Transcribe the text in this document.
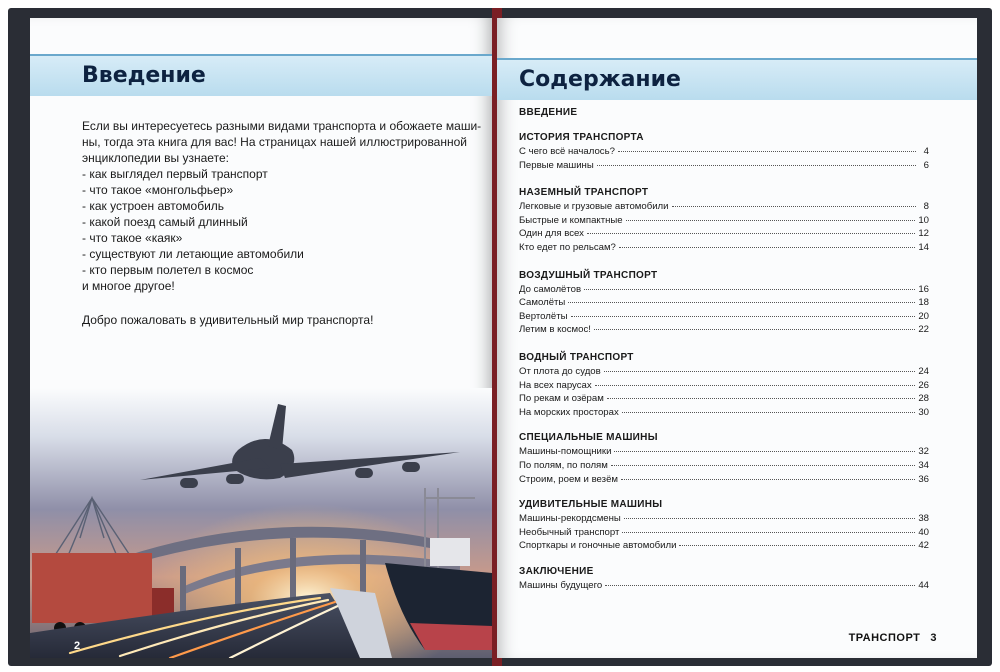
Введение

Если вы интересуетесь разными видами транспорта и обожаете маши-

ны, тогда эта книга для вас! На страницах нашей иллюстрированной

энциклопедии вы узнаете:

- как выглядел первый транспорт

- что такое «монгольфьер»

- как устроен автомобиль

- какой поезд самый длинный

- что такое «каяк»

- существуют ли летающие автомобили

- кто первым полетел в космос

и многое другое!

Добро пожаловать в удивительный мир транспорта!

2
Содержание
ВВЕДЕНИЕ
ИСТОРИЯ ТРАНСПОРТА
С чего всё началось?	4
Первые машины	6
НАЗЕМНЫЙ ТРАНСПОРТ
Легковые и грузовые автомобили	8
Быстрые и компактные	10
Один для всех	12
Кто едет по рельсам?	14
ВОЗДУШНЫЙ ТРАНСПОРТ
До самолётов	16
Самолёты	18
Вертолёты	20
Летим в космос!	22
ВОДНЫЙ ТРАНСПОРТ
От плота до судов	24
На всех парусах	26
По рекам и озёрам	28
На морских просторах	30
СПЕЦИАЛЬНЫЕ МАШИНЫ
Машины-помощники	32
По полям, по полям	34
Строим, роем и везём	36
УДИВИТЕЛЬНЫЕ МАШИНЫ
Машины-рекордсмены	38
Необычный транспорт	40
Спорткары и гоночные автомобили	42
ЗАКЛЮЧЕНИЕ
Машины будущего	44
ТРАНСПОРТ 3
